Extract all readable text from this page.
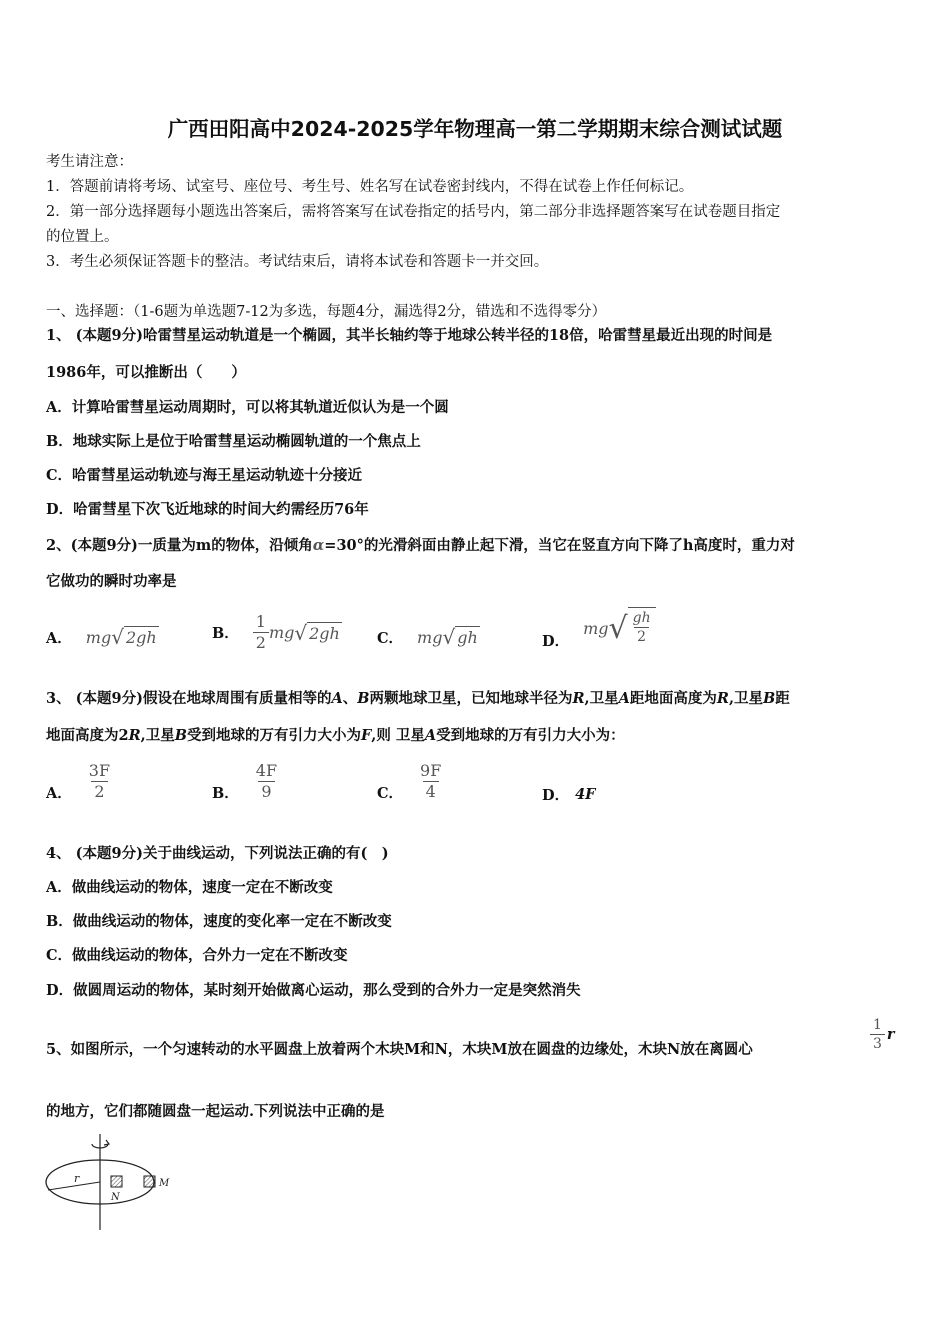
广西田阳高中2024-2025学年物理高一第二学期期末综合测试试题
考生请注意：
1．答题前请将考场、试室号、座位号、考生号、姓名写在试卷密封线内，不得在试卷上作任何标记。
2．第一部分选择题每小题选出答案后，需将答案写在试卷指定的括号内，第二部分非选择题答案写在试卷题目指定
的位置上。
3．考生必须保证答题卡的整洁。考试结束后，请将本试卷和答题卡一并交回。
一、选择题：（1-6题为单选题7-12为多选，每题4分，漏选得2分，错选和不选得零分）
1、 (本题9分)哈雷彗星运动轨道是一个椭圆，其半长轴约等于地球公转半径的18倍，哈雷彗星最近出现的时间是
1986年，可以推断出（　　）
A．计算哈雷彗星运动周期时，可以将其轨道近似认为是一个圆
B．地球实际上是位于哈雷彗星运动椭圆轨道的一个焦点上
C．哈雷彗星运动轨迹与海王星运动轨迹十分接近
D．哈雷彗星下次飞近地球的时间大约需经历76年
2、(本题9分)一质量为m的物体，沿倾角α=30°的光滑斜面由静止起下滑，当它在竖直方向下降了h高度时，重力对
它做功的瞬时功率是
A． mg √ 2gh	B． $\frac{1}{2}$ mg √ 2gh	C． mg √ gh	D．
mg √ $\frac{gh}{2}$
3、 (本题9分)假设在地球周围有质量相等的A、B两颗地球卫星，已知地球半径为R,卫星A距地面高度为R,卫星B距
地面高度为2R,卫星B受到地球的万有引力大小为F,则 卫星A受到地球的万有引力大小为：
A． $\frac{3F}{2}$	B． $\frac{4F}{9}$	C． $\frac{9F}{4}$	D． 4F
4、 (本题9分)关于曲线运动，下列说法正确的有(　)
A．做曲线运动的物体，速度一定在不断改变
B．做曲线运动的物体，速度的变化率一定在不断改变
C．做曲线运动的物体，合外力一定在不断改变
D．做圆周运动的物体，某时刻开始做离心运动，那么受到的合外力一定是突然消失
5、如图所示，一个匀速转动的水平圆盘上放着两个木块M和N，木块M放在圆盘的边缘处，木块N放在离圆心	$\frac{1}{3}$ r
的地方，它们都随圆盘一起运动.下列说法中正确的是
r
N
M
